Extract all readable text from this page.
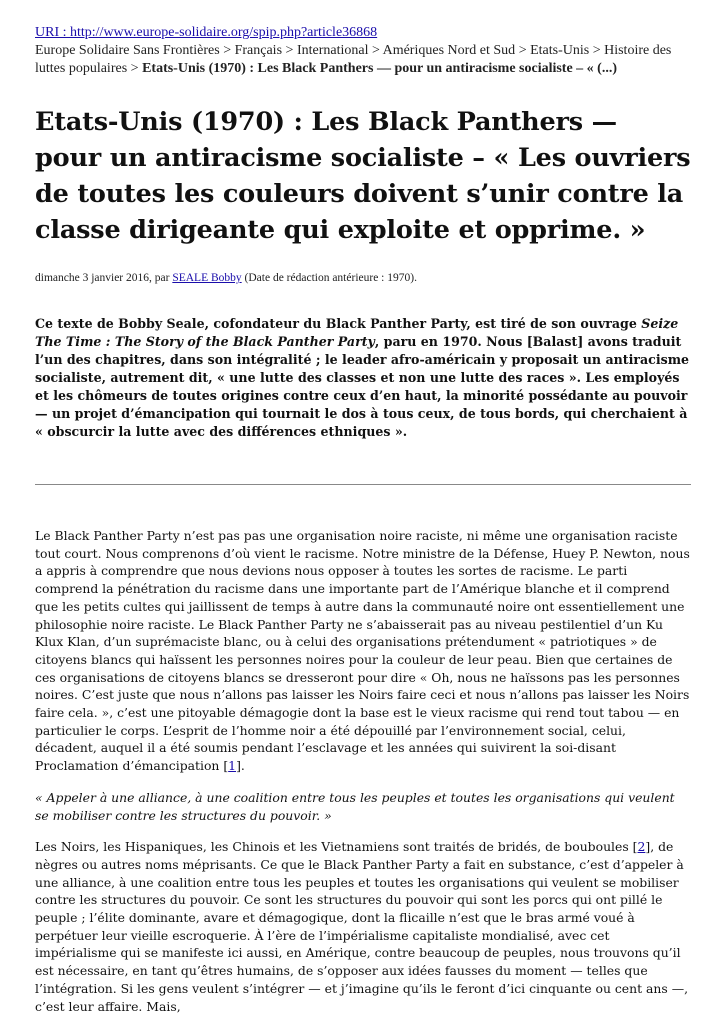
URI : http://www.europe-solidaire.org/spip.php?article36868
Europe Solidaire Sans Frontières > Français > International > Amériques Nord et Sud > Etats-Unis > Histoire des luttes populaires > Etats-Unis (1970) : Les Black Panthers — pour un antiracisme socialiste – « (...)
Etats-Unis (1970) : Les Black Panthers — pour un antiracisme socialiste – « Les ouvriers de toutes les couleurs doivent s’unir contre la classe dirigeante qui exploite et opprime. »
dimanche 3 janvier 2016, par SEALE Bobby (Date de rédaction antérieure : 1970).
Ce texte de Bobby Seale, cofondateur du Black Panther Party, est tiré de son ouvrage Seize The Time : The Story of the Black Panther Party, paru en 1970. Nous [Balast] avons traduit l’un des chapitres, dans son intégralité ; le leader afro-américain y proposait un antiracisme socialiste, autrement dit, « une lutte des classes et non une lutte des races ». Les employés et les chômeurs de toutes origines contre ceux d’en haut, la minorité possédante au pouvoir — un projet d’émancipation qui tournait le dos à tous ceux, de tous bords, qui cherchaient à « obscurcir la lutte avec des différences ethniques ».
Le Black Panther Party n’est pas pas une organisation noire raciste, ni même une organisation raciste tout court. Nous comprenons d’où vient le racisme. Notre ministre de la Défense, Huey P. Newton, nous a appris à comprendre que nous devions nous opposer à toutes les sortes de racisme. Le parti comprend la pénétration du racisme dans une importante part de l’Amérique blanche et il comprend que les petits cultes qui jaillissent de temps à autre dans la communauté noire ont essentiellement une philosophie noire raciste. Le Black Panther Party ne s’abaisserait pas au niveau pestilentiel d’un Ku Klux Klan, d’un suprémaciste blanc, ou à celui des organisations prétendument « patriotiques » de citoyens blancs qui haïssent les personnes noires pour la couleur de leur peau. Bien que certaines de ces organisations de citoyens blancs se dresseront pour dire « Oh, nous ne haïssons pas les personnes noires. C’est juste que nous n’allons pas laisser les Noirs faire ceci et nous n’allons pas laisser les Noirs faire cela. », c’est une pitoyable démagogie dont la base est le vieux racisme qui rend tout tabou — en particulier le corps. L’esprit de l’homme noir a été dépouillé par l’environnement social, celui, décadent, auquel il a été soumis pendant l’esclavage et les années qui suivirent la soi-disant Proclamation d’émancipation [1].
« Appeler à une alliance, à une coalition entre tous les peuples et toutes les organisations qui veulent se mobiliser contre les structures du pouvoir. »
Les Noirs, les Hispaniques, les Chinois et les Vietnamiens sont traités de bridés, de bouboules [2], de nègres ou autres noms méprisants. Ce que le Black Panther Party a fait en substance, c’est d’appeler à une alliance, à une coalition entre tous les peuples et toutes les organisations qui veulent se mobiliser contre les structures du pouvoir. Ce sont les structures du pouvoir qui sont les porcs qui ont pillé le peuple ; l’élite dominante, avare et démagogique, dont la flicaille n’est que le bras armé voué à perpétuer leur vieille escroquerie. À l’ère de l’impérialisme capitaliste mondialisé, avec cet impérialisme qui se manifeste ici aussi, en Amérique, contre beaucoup de peuples, nous trouvons qu’il est nécessaire, en tant qu’êtres humains, de s’opposer aux idées fausses du moment — telles que l’intégration. Si les gens veulent s’intégrer — et j’imagine qu’ils le feront d’ici cinquante ou cent ans —, c’est leur affaire. Mais,
